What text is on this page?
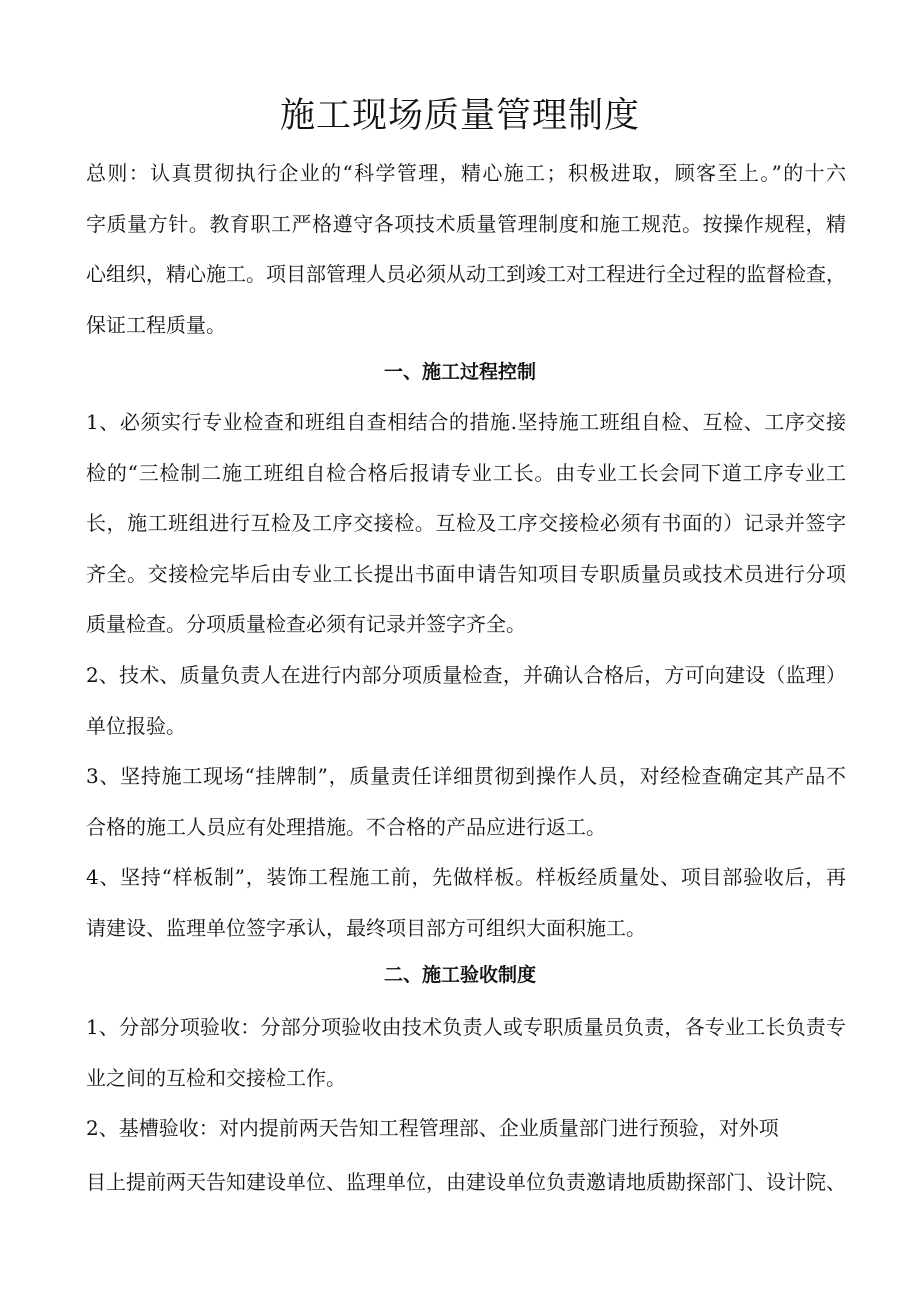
施工现场质量管理制度

总则：认真贯彻执行企业的“科学管理，精心施工；积极进取，顾客至上。”的十六
字质量方针。教育职工严格遵守各项技术质量管理制度和施工规范。按操作规程，精
心组织，精心施工。项目部管理人员必须从动工到竣工对工程进行全过程的监督检查，
保证工程质量。

一、施工过程控制

1、必须实行专业检查和班组自查相结合的措施.坚持施工班组自检、互检、工序交接
检的“三检制二施工班组自检合格后报请专业工长。由专业工长会同下道工序专业工
长，施工班组进行互检及工序交接检。互检及工序交接检必须有书面的）记录并签字
齐全。交接检完毕后由专业工长提出书面申请告知项目专职质量员或技术员进行分项
质量检查。分项质量检查必须有记录并签字齐全。

2、技术、质量负责人在进行内部分项质量检查，并确认合格后，方可向建设（监理）
单位报验。

3、坚持施工现场“挂牌制”，质量责任详细贯彻到操作人员，对经检查确定其产品不
合格的施工人员应有处理措施。不合格的产品应进行返工。

4、坚持“样板制”，装饰工程施工前，先做样板。样板经质量处、项目部验收后，再
请建设、监理单位签字承认，最终项目部方可组织大面积施工。

二、施工验收制度

1、分部分项验收：分部分项验收由技术负责人或专职质量员负责，各专业工长负责专
业之间的互检和交接检工作。

2、基槽验收：对内提前两天告知工程管理部、企业质量部门进行预验，对外项

目上提前两天告知建设单位、监理单位，由建设单位负责邀请地质勘探部门、设计院、
